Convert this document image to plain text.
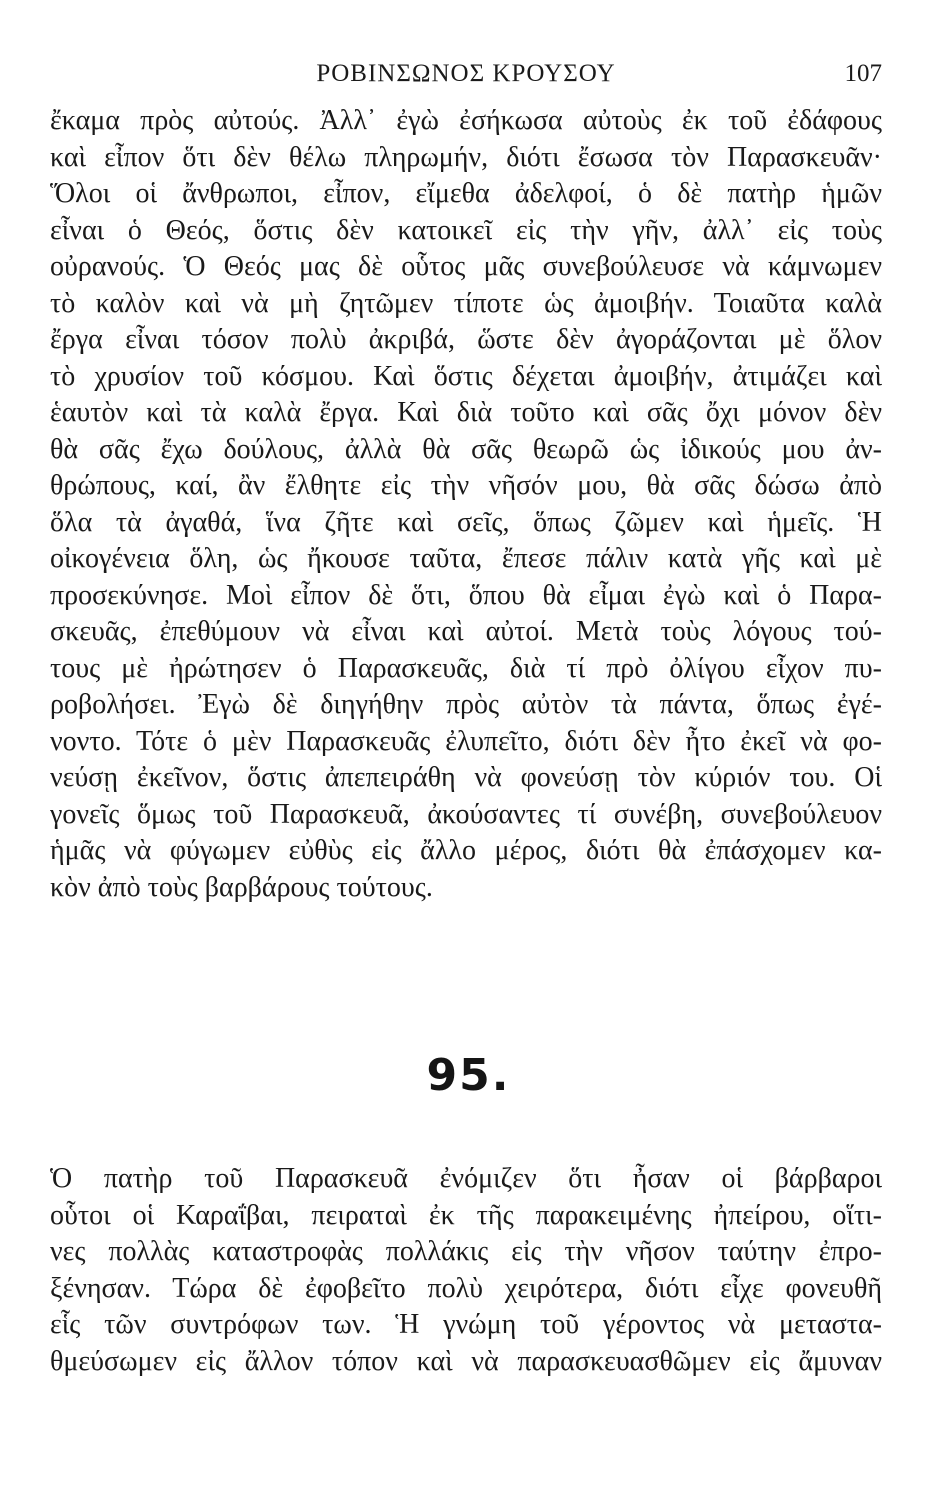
ΡΟΒΙΝΣΩΝΟΣ ΚΡΟΥΣΟΥ	107
ἔκαμα πρὸς αὐτούς. Ἀλλ᾽ ἐγὼ ἐσήκωσα αὐτοὺς ἐκ τοῦ ἐδάφους
καὶ εἶπον ὅτι δὲν θέλω πληρωμήν, διότι ἔσωσα τὸν Παρασκευᾶν·
Ὅλοι οἱ ἄνθρωποι, εἶπον, εἴμεθα ἀδελφοί, ὁ δὲ πατὴρ ἡμῶν
εἶναι ὁ Θεός, ὅστις δὲν κατοικεῖ εἰς τὴν γῆν, ἀλλ᾽ εἰς τοὺς
οὐρανούς. Ὁ Θεός μας δὲ οὗτος μᾶς συνεβούλευσε νὰ κάμνωμεν
τὸ καλὸν καὶ νὰ μὴ ζητῶμεν τίποτε ὡς ἀμοιβήν. Τοιαῦτα καλὰ
ἔργα εἶναι τόσον πολὺ ἀκριβά, ὥστε δὲν ἀγοράζονται μὲ ὅλον
τὸ χρυσίον τοῦ κόσμου. Καὶ ὅστις δέχεται ἀμοιβήν, ἀτιμάζει καὶ
ἑαυτὸν καὶ τὰ καλὰ ἔργα. Καὶ διὰ τοῦτο καὶ σᾶς ὄχι μόνον δὲν
θὰ σᾶς ἔχω δούλους, ἀλλὰ θὰ σᾶς θεωρῶ ὡς ἰδικούς μου ἀν-
θρώπους, καί, ἂν ἔλθητε εἰς τὴν νῆσόν μου, θὰ σᾶς δώσω ἀπὸ
ὅλα τὰ ἀγαθά, ἵνα ζῆτε καὶ σεῖς, ὅπως ζῶμεν καὶ ἡμεῖς. Ἡ
οἰκογένεια ὅλη, ὡς ἤκουσε ταῦτα, ἔπεσε πάλιν κατὰ γῆς καὶ μὲ
προσεκύνησε. Μοὶ εἶπον δὲ ὅτι, ὅπου θὰ εἶμαι ἐγὼ καὶ ὁ Παρα-
σκευᾶς, ἐπεθύμουν νὰ εἶναι καὶ αὐτοί. Μετὰ τοὺς λόγους τού-
τους μὲ ἠρώτησεν ὁ Παρασκευᾶς, διὰ τί πρὸ ὀλίγου εἶχον πυ-
ροβολήσει. Ἐγὼ δὲ διηγήθην πρὸς αὐτὸν τὰ πάντα, ὅπως ἐγέ-
νοντο. Τότε ὁ μὲν Παρασκευᾶς ἐλυπεῖτο, διότι δὲν ἦτο ἐκεῖ νὰ φο-
νεύσῃ ἐκεῖνον, ὅστις ἀπεπειράθη νὰ φονεύσῃ τὸν κύριόν του. Οἱ
γονεῖς ὅμως τοῦ Παρασκευᾶ, ἀκούσαντες τί συνέβη, συνεβούλευον
ἡμᾶς νὰ φύγωμεν εὐθὺς εἰς ἄλλο μέρος, διότι θὰ ἐπάσχομεν κα-
κὸν ἀπὸ τοὺς βαρβάρους τούτους.
95.
Ὁ πατὴρ τοῦ Παρασκευᾶ ἐνόμιζεν ὅτι ἦσαν οἱ βάρβαροι
οὗτοι οἱ Καραΐβαι, πειραταὶ ἐκ τῆς παρακειμένης ἠπείρου, οἵτι-
νες πολλὰς καταστροφὰς πολλάκις εἰς τὴν νῆσον ταύτην ἐπρο-
ξένησαν. Τώρα δὲ ἐφοβεῖτο πολὺ χειρότερα, διότι εἶχε φονευθῆ
εἷς τῶν συντρόφων των. Ἡ γνώμη τοῦ γέροντος νὰ μεταστα-
θμεύσωμεν εἰς ἄλλον τόπον καὶ νὰ παρασκευασθῶμεν εἰς ἄμυναν
